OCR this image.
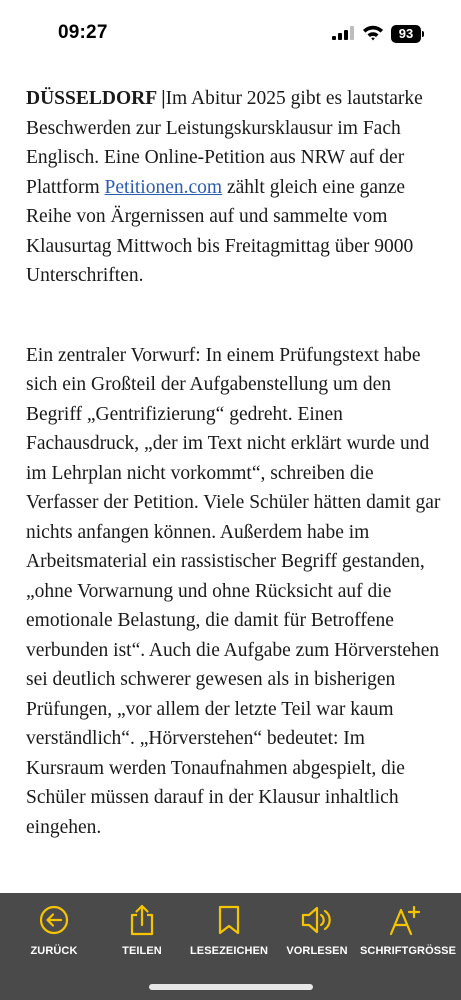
09:27	93

DÜSSELDORF |Im Abitur 2025 gibt es lautstarke Beschwerden zur Leistungskursklausur im Fach Englisch. Eine Online-Petition aus NRW auf der Plattform Petitionen.com zählt gleich eine ganze Reihe von Ärgernissen auf und sammelte vom Klausurtag Mittwoch bis Freitagmittag über 9000 Unterschriften.

Ein zentraler Vorwurf: In einem Prüfungstext habe sich ein Großteil der Aufgabenstellung um den Begriff „Gentrifizierung“ gedreht. Einen Fachausdruck, „der im Text nicht erklärt wurde und im Lehrplan nicht vorkommt“, schreiben die Verfasser der Petition. Viele Schüler hätten damit gar nichts anfangen können. Außerdem habe im Arbeitsmaterial ein rassistischer Begriff gestanden, „ohne Vorwarnung und ohne Rücksicht auf die emotionale Belastung, die damit für Betroffene verbunden ist“. Auch die Aufgabe zum Hörverstehen sei deutlich schwerer gewesen als in bisherigen Prüfungen, „vor allem der letzte Teil war kaum verständlich“. „Hörverstehen“ bedeutet: Im Kursraum werden Tonaufnahmen abgespielt, die Schüler müssen darauf in der Klausur inhaltlich eingehen.

ZURÜCK	TEILEN	LESEZEICHEN	VORLESEN	SCHRIFTGRÖSSE
